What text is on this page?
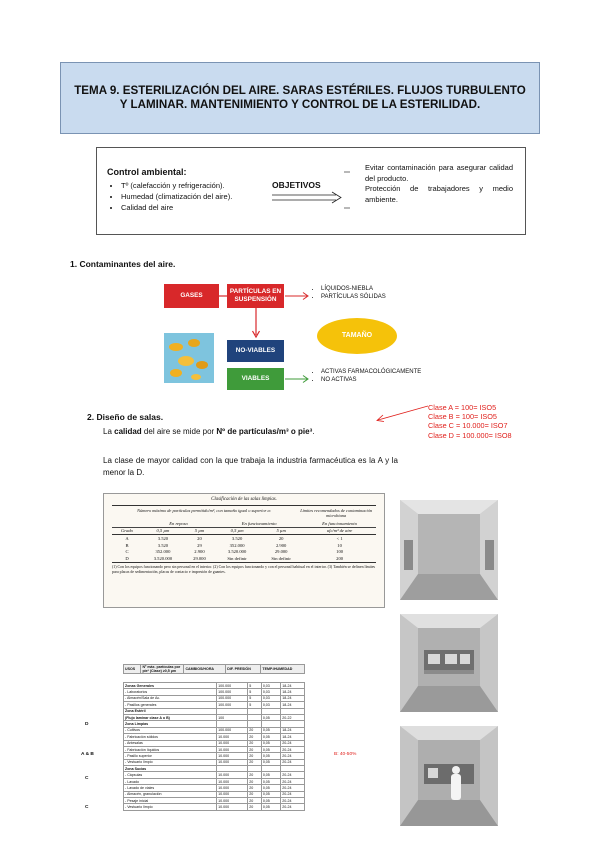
TEMA 9. ESTERILIZACIÓN DEL AIRE. SARAS ESTÉRILES. FLUJOS TURBULENTO Y LAMINAR. MANTENIMIENTO Y CONTROL DE LA ESTERILIDAD.
Control ambiental:
• Tº (calefacción y refrigeración).
• Humedad (climatización del aire).
• Calidad del aire
OBJETIVOS
Evitar contaminación para asegurar calidad del producto.
Protección de trabajadores y medio ambiente.
1. Contaminantes del aire.
GASES
PARTÍCULAS EN SUSPENSIÓN
• LÍQUIDOS-NIEBLA
• PARTÍCULAS SÓLIDAS
TAMAÑO
NO-VIABLES
VIABLES
• ACTIVAS FARMACOLÓGICAMENTE
• NO ACTIVAS
2. Diseño de salas.
La calidad del aire se mide por Nº de partículas/m³ o pie³.
La clase de mayor calidad con la que trabaja la industria farmacéutica es la A y la menor la D.
Clase A = 100= ISO5
Clase B = 100= ISO5
Clase C = 10.000= ISO7
Clase D = 100.000= ISO8
Clasificación de las salas limpias.
Número máximo de partículas permitido/m³, con tamaño igual o superior a:	Límites recomendados de contaminación microbiana
	En reposo		En funcionamiento		En funcionamiento
Grado	0,5 µm	5 µm	0,5 µm	5 µm	ufc/m³ de aire
A	3.520	20	3.520	20	< 1
B	3.520	29	352.000	2.900	10
C	352.000	2.900	3.520.000	29.000	100
D	3.520.000	29.000	Sin definir	Sin definir	200
(1) Con los equipos funcionando pero sin personal en el interior. (2) Con los equipos funcionando y con el personal habitual en el interior. (3) También se definen límites para placas de sedimentación, placas de contacto e impresión de guantes.
D
A & B
C
C
USOS	Nº máx. partículas por pie³ (Clase) ≥0,5 µm	CAMBIOS/HORA	DIF. PRESIÓN	TEMP./HUMEDAD
Zonas Generales	100.000	5	0,03	18-24
- Laboratorios	100.000	5	0,03	18-24
- Almacén/Sala de Ac.	100.000	5	0,03	18-24
- Pasillos generales	100.000	5	0,03	18-24
Zona Estéril				
(Flujo laminar clase A o B)	100		0,05	20-22
Zona Limpias				
- Cultivos	100.000	20	0,05	18-24
- Fabricación sólidos	10.000	20	0,05	18-24
- Antesalas	10.000	20	0,05	20-24
- Fabricación líquidos	10.000	20	0,05	20-24
- Pasillo superior	10.000	20	0,05	20-24
- Vestuario limpio	10.000	20	0,05	20-24
Zona Sucias				
- Cápsulas	10.000	20	0,05	20-24
- Lavado	10.000	20	0,05	20-24
- Lavado de viales	10.000	20	0,05	20-24
- Almacén, granulación	10.000	20	0,05	20-24
- Pesaje inicial	10.000	20	0,05	20-24
- Vestuario limpio	10.000	20	0,05	20-24
B: 40-50%
